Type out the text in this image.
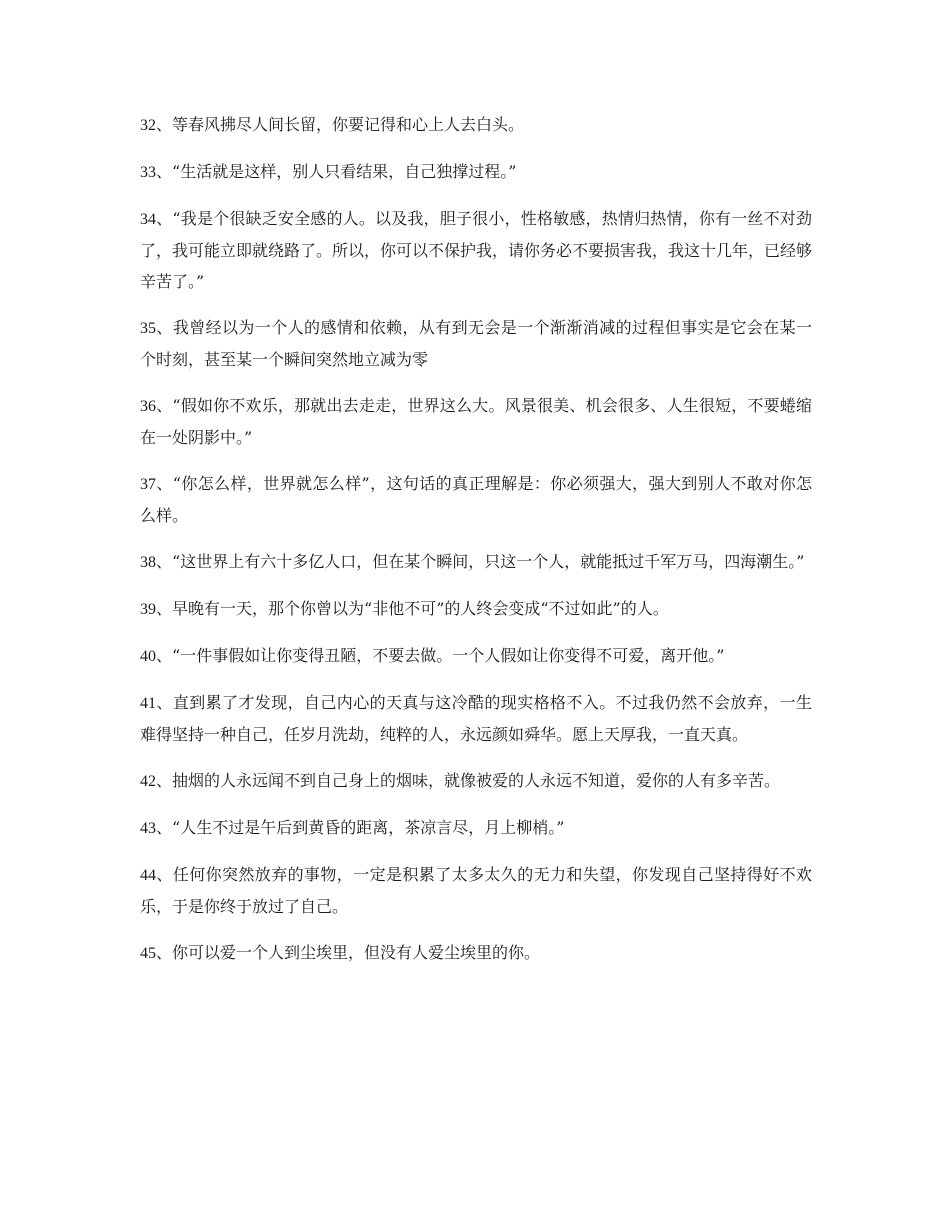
32、等春风拂尽人间长留，你要记得和心上人去白头。

33、“生活就是这样，别人只看结果，自己独撑过程。”

34、“我是个很缺乏安全感的人。以及我，胆子很小，性格敏感，热情归热情，你有一丝不对劲了，我可能立即就绕路了。所以，你可以不保护我，请你务必不要损害我，我这十几年，已经够辛苦了。”

35、我曾经以为一个人的感情和依赖，从有到无会是一个渐渐消减的过程但事实是它会在某一个时刻，甚至某一个瞬间突然地立减为零

36、“假如你不欢乐，那就出去走走，世界这么大。风景很美、机会很多、人生很短，不要蜷缩在一处阴影中。”

37、“你怎么样，世界就怎么样”，这句话的真正理解是：你必须强大，强大到别人不敢对你怎么样。

38、“这世界上有六十多亿人口，但在某个瞬间，只这一个人，就能抵过千军万马，四海潮生。”

39、早晚有一天，那个你曾以为“非他不可”的人终会变成“不过如此”的人。

40、“一件事假如让你变得丑陋，不要去做。一个人假如让你变得不可爱，离开他。”

41、直到累了才发现，自己内心的天真与这冷酷的现实格格不入。不过我仍然不会放弃，一生难得坚持一种自己，任岁月洗劫，纯粹的人，永远颜如舜华。愿上天厚我，一直天真。

42、抽烟的人永远闻不到自己身上的烟味，就像被爱的人永远不知道，爱你的人有多辛苦。

43、“人生不过是午后到黄昏的距离，茶凉言尽，月上柳梢。”

44、任何你突然放弃的事物，一定是积累了太多太久的无力和失望，你发现自己坚持得好不欢乐，于是你终于放过了自己。

45、你可以爱一个人到尘埃里，但没有人爱尘埃里的你。
